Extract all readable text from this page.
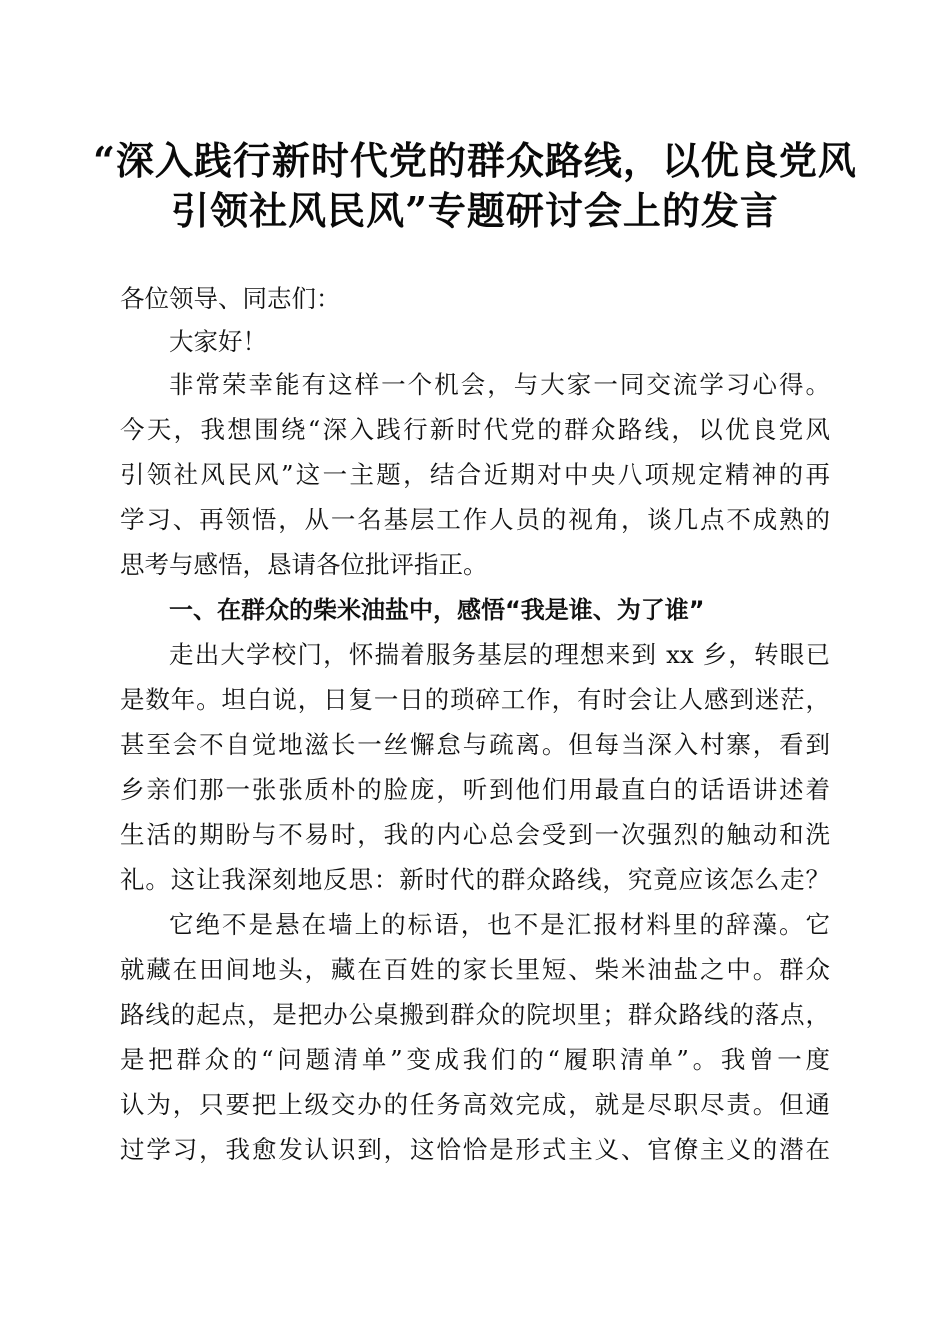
“深入践行新时代党的群众路线，以优良党风
引领社风民风”专题研讨会上的发言
各位领导、同志们：
大家好！
非常荣幸能有这样一个机会，与大家一同交流学习心得。
今天，我想围绕“深入践行新时代党的群众路线，以优良党风
引领社风民风”这一主题，结合近期对中央八项规定精神的再
学习、再领悟，从一名基层工作人员的视角，谈几点不成熟的
思考与感悟，恳请各位批评指正。
一、在群众的柴米油盐中，感悟“我是谁、为了谁”
走出大学校门，怀揣着服务基层的理想来到 xx 乡，转眼已
是数年。坦白说，日复一日的琐碎工作，有时会让人感到迷茫，
甚至会不自觉地滋长一丝懈怠与疏离。但每当深入村寨，看到
乡亲们那一张张质朴的脸庞，听到他们用最直白的话语讲述着
生活的期盼与不易时，我的内心总会受到一次强烈的触动和洗
礼。这让我深刻地反思：新时代的群众路线，究竟应该怎么走？
它绝不是悬在墙上的标语，也不是汇报材料里的辞藻。它
就藏在田间地头，藏在百姓的家长里短、柴米油盐之中。群众
路线的起点，是把办公桌搬到群众的院坝里；群众路线的落点，
是把群众的“问题清单”变成我们的“履职清单”。我曾一度
认为，只要把上级交办的任务高效完成，就是尽职尽责。但通
过学习，我愈发认识到，这恰恰是形式主义、官僚主义的潜在
